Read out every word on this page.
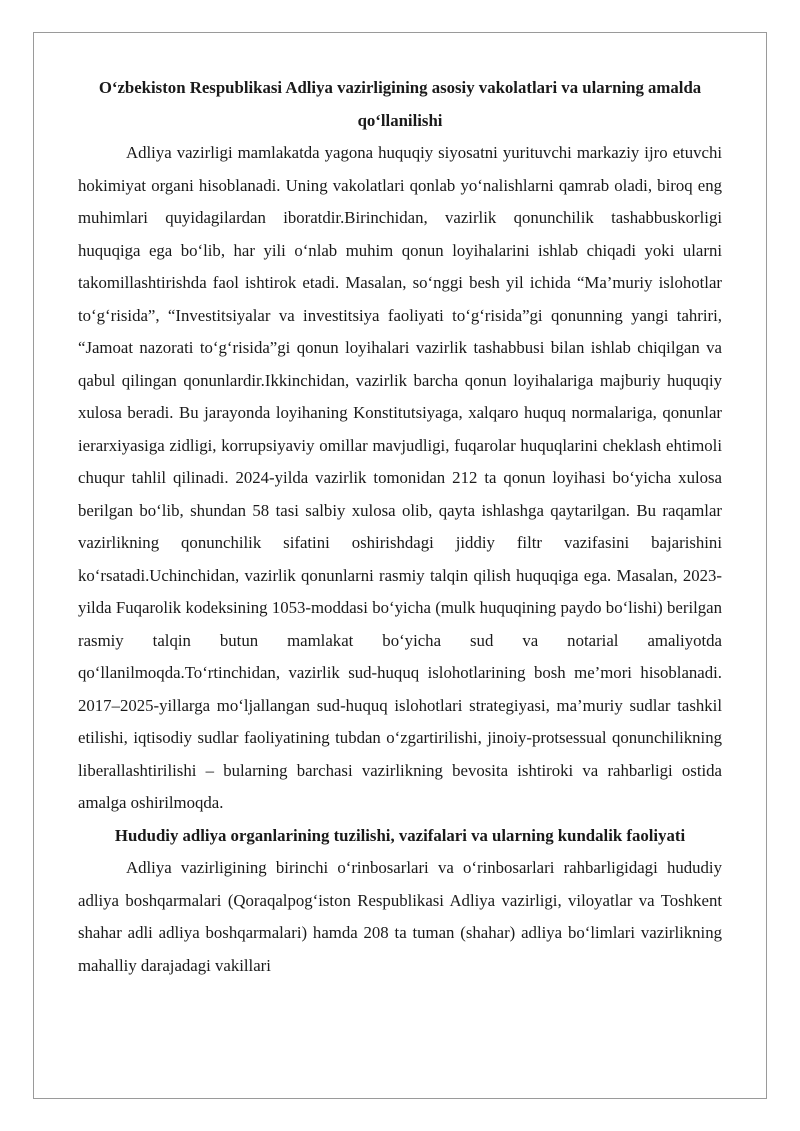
O‘zbekiston Respublikasi Adliya vazirligining asosiy vakolatlari va ularning amalda qo‘llanilishi

Adliya vazirligi mamlakatda yagona huquqiy siyosatni yurituvchi markaziy ijro etuvchi hokimiyat organi hisoblanadi. Uning vakolatlari qonlab yo‘nalishlarni qamrab oladi, biroq eng muhimlari quyidagilardan iboratdir.Birinchidan, vazirlik qonunchilik tashabbuskorligi huquqiga ega bo‘lib, har yili o‘nlab muhim qonun loyihalarini ishlab chiqadi yoki ularni takomillashtirishda faol ishtirok etadi. Masalan, so‘nggi besh yil ichida “Ma’muriy islohotlar to‘g‘risida”, “Investitsiyalar va investitsiya faoliyati to‘g‘risida”gi qonunning yangi tahriri, “Jamoat nazorati to‘g‘risida”gi qonun loyihalari vazirlik tashabbusi bilan ishlab chiqilgan va qabul qilingan qonunlardir.Ikkinchidan, vazirlik barcha qonun loyihalariga majburiy huquqiy xulosa beradi. Bu jarayonda loyihaning Konstitutsiyaga, xalqaro huquq normalariga, qonunlar ierarxiyasiga zidligi, korrupsiyaviy omillar mavjudligi, fuqarolar huquqlarini cheklash ehtimoli chuqur tahlil qilinadi. 2024-yilda vazirlik tomonidan 212 ta qonun loyihasi bo‘yicha xulosa berilgan bo‘lib, shundan 58 tasi salbiy xulosa olib, qayta ishlashga qaytarilgan. Bu raqamlar vazirlikning qonunchilik sifatini oshirishdagi jiddiy filtr vazifasini bajarishini ko‘rsatadi.Uchinchidan, vazirlik qonunlarni rasmiy talqin qilish huquqiga ega. Masalan, 2023-yilda Fuqarolik kodeksining 1053-moddasi bo‘yicha (mulk huquqining paydo bo‘lishi) berilgan rasmiy talqin butun mamlakat bo‘yicha sud va notarial amaliyotda qo‘llanilmoqda.To‘rtinchidan, vazirlik sud-huquq islohotlarining bosh me’mori hisoblanadi. 2017–2025-yillarga mo‘ljallangan sud-huquq islohotlari strategiyasi, ma’muriy sudlar tashkil etilishi, iqtisodiy sudlar faoliyatining tubdan o‘zgartirilishi, jinoiy-protsessual qonunchilikning liberallashtirilishi – bularning barchasi vazirlikning bevosita ishtiroki va rahbarligi ostida amalga oshirilmoqda.

Hududiy adliya organlarining tuzilishi, vazifalari va ularning kundalik faoliyati

Adliya vazirligining birinchi o‘rinbosarlari va o‘rinbosarlari rahbarligidagi hududiy adliya boshqarmalari (Qoraqalpog‘iston Respublikasi Adliya vazirligi, viloyatlar va Toshkent shahar adli adliya boshqarmalari) hamda 208 ta tuman (shahar) adliya bo‘limlari vazirlikning mahalliy darajadagi vakillari
